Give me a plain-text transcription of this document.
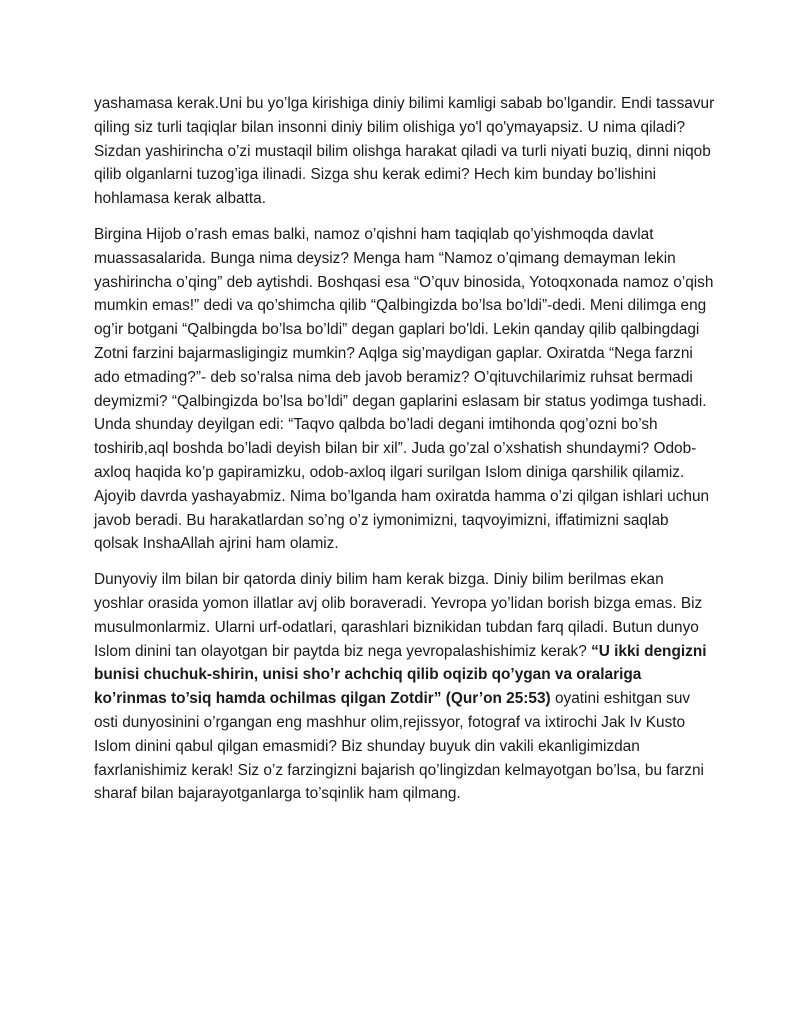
yashamasa kerak.Uni bu yo’lga kirishiga diniy bilimi kamligi sabab bo’lgandir. Endi tassavur qiling siz turli taqiqlar bilan insonni diniy bilim olishiga yo'l qo'ymayapsiz. U nima qiladi? Sizdan yashirincha o’zi mustaqil bilim olishga harakat qiladi va turli niyati buziq, dinni niqob qilib olganlarni tuzog’iga ilinadi. Sizga shu kerak edimi? Hech kim bunday bo’lishini hohlamasa kerak albatta.

Birgina Hijob o’rash emas balki, namoz o’qishni ham taqiqlab qo’yishmoqda davlat muassasalarida. Bunga nima deysiz? Menga ham “Namoz o’qimang demayman lekin yashirincha o’qing” deb aytishdi. Boshqasi esa “O’quv binosida, Yotoqxonada namoz o’qish mumkin emas!” dedi va qo’shimcha qilib “Qalbingizda bo’lsa bo’ldi”-dedi. Meni dilimga eng og’ir botgani “Qalbingda bo’lsa bo’ldi” degan gaplari bo'ldi. Lekin qanday qilib qalbingdagi Zotni farzini bajarmasligingiz mumkin? Aqlga sig’maydigan gaplar. Oxiratda “Nega farzni ado etmading?”- deb so’ralsa nima deb javob beramiz? O’qituvchilarimiz ruhsat bermadi deymizmi? “Qalbingizda bo’lsa bo’ldi” degan gaplarini eslasam bir status yodimga tushadi. Unda shunday deyilgan edi: “Taqvo qalbda bo’ladi degani imtihonda qog’ozni bo’sh toshirib,aql boshda bo’ladi deyish bilan bir xil”. Juda go’zal o’xshatish shundaymi? Odob-axloq haqida ko’p gapiramizku, odob-axloq ilgari surilgan Islom diniga qarshilik qilamiz. Ajoyib davrda yashayabmiz. Nima bo’lganda ham oxiratda hamma o’zi qilgan ishlari uchun javob beradi. Bu harakatlardan so’ng o’z iymonimizni, taqvoyimizni, iffatimizni saqlab qolsak InshaAllah ajrini ham olamiz.

Dunyoviy ilm bilan bir qatorda diniy bilim ham kerak bizga. Diniy bilim berilmas ekan yoshlar orasida yomon illatlar avj olib boraveradi. Yevropa yo’lidan borish bizga emas. Biz musulmonlarmiz. Ularni urf-odatlari, qarashlari biznikidan tubdan farq qiladi. Butun dunyo Islom dinini tan olayotgan bir paytda biz nega yevropalashishimiz kerak? “U ikki dengizni bunisi chuchuk-shirin, unisi sho’r achchiq qilib oqizib qo’ygan va oralariga ko’rinmas to’siq hamda ochilmas qilgan Zotdir” (Qur’on 25:53) oyatini eshitgan suv osti dunyosinini o’rgangan eng mashhur olim,rejissyor, fotograf va ixtirochi Jak Iv Kusto Islom dinini qabul qilgan emasmidi? Biz shunday buyuk din vakili ekanligimizdan faxrlanishimiz kerak! Siz o’z farzingizni bajarish qo’lingizdan kelmayotgan bo’lsa, bu farzni sharaf bilan bajarayotganlarga to’sqinlik ham qilmang.
